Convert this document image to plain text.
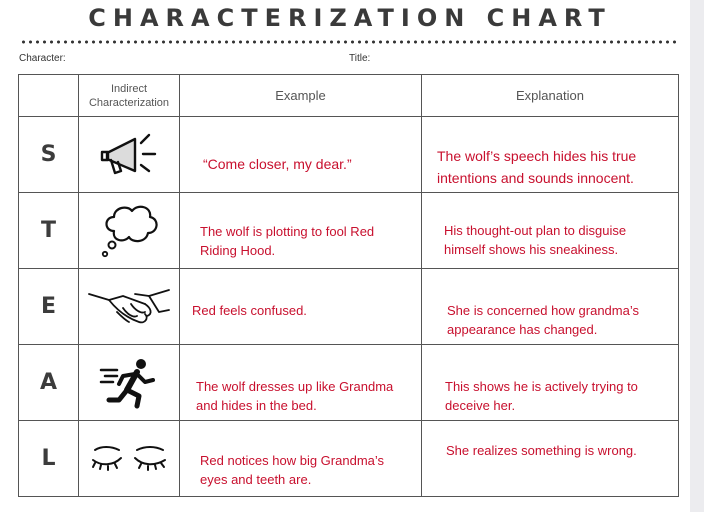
CHARACTERIZATION CHART
Character:	Title:
	Indirect Characterization	Example	Explanation
S		“Come closer, my dear.”	The wolf’s speech hides his true intentions and sounds innocent.

T		The wolf is plotting to fool Red Riding Hood.	His thought-out plan to disguise himself shows his sneakiness.

E		Red feels confused.	She is concerned how grandma’s appearance has changed.

A		The wolf dresses up like Grandma and hides in the bed.	This shows he is actively trying to deceive her.

L		Red notices how big Grandma’s eyes and teeth are.	She realizes something is wrong.
